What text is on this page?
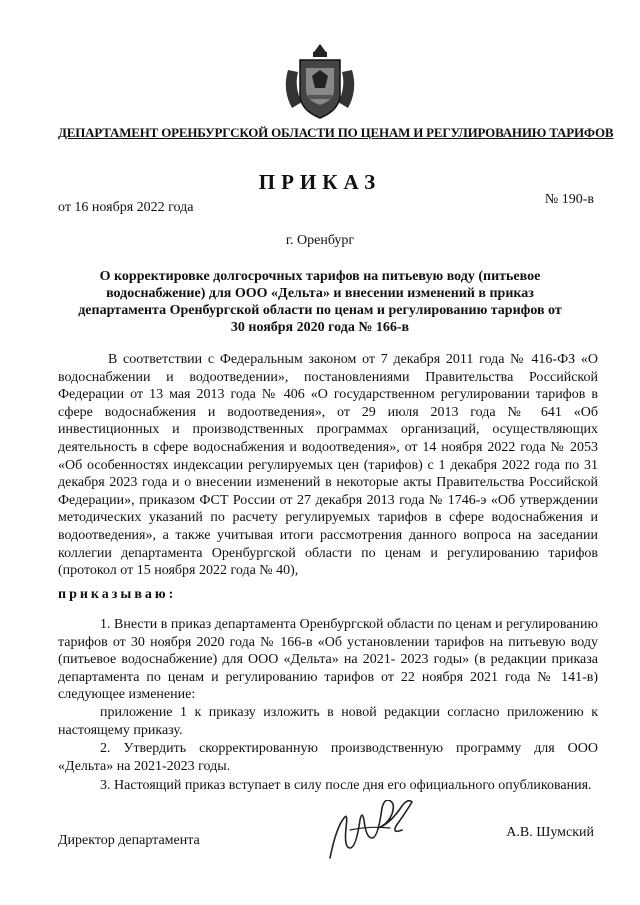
ДЕПАРТАМЕНТ ОРЕНБУРГСКОЙ ОБЛАСТИ ПО ЦЕНАМ И РЕГУЛИРОВАНИЮ ТАРИФОВ
ПРИКАЗ
от 16 ноября 2022 года
№ 190-в
г. Оренбург
О корректировке долгосрочных тарифов на питьевую воду (питьевое водоснабжение) для ООО «Дельта» и внесении изменений в приказ департамента Оренбургской области по ценам и регулированию тарифов от 30 ноября 2020 года № 166-в
В соответствии с Федеральным законом от 7 декабря 2011 года № 416-ФЗ «О водоснабжении и водоотведении», постановлениями Правительства Российской Федерации от 13 мая 2013 года № 406 «О государственном регулировании тарифов в сфере водоснабжения и водоотведения», от 29 июля 2013 года № 641 «Об инвестиционных и производственных программах организаций, осуществляющих деятельность в сфере водоснабжения и водоотведения», от 14 ноября 2022 года № 2053 «Об особенностях индексации регулируемых цен (тарифов) с 1 декабря 2022 года по 31 декабря 2023 года и о внесении изменений в некоторые акты Правительства Российской Федерации», приказом ФСТ России от 27 декабря 2013 года № 1746-э «Об утверждении методических указаний по расчету регулируемых тарифов в сфере водоснабжения и водоотведения», а также учитывая итоги рассмотрения данного вопроса на заседании коллегии департамента Оренбургской области по ценам и регулированию тарифов (протокол от 15 ноября 2022 года № 40),
приказываю:
1. Внести в приказ департамента Оренбургской области по ценам и регулированию тарифов от 30 ноября 2020 года № 166-в «Об установлении тарифов на питьевую воду (питьевое водоснабжение) для ООО «Дельта» на 2021- 2023 годы» (в редакции приказа департамента по ценам и регулированию тарифов от 22 ноября 2021 года № 141-в) следующее изменение:
приложение 1 к приказу изложить в новой редакции согласно приложению к настоящему приказу.
2. Утвердить скорректированную производственную программу для ООО «Дельта» на 2021-2023 годы.
3. Настоящий приказ вступает в силу после дня его официального опубликования.
Директор департамента
А.В. Шумский
